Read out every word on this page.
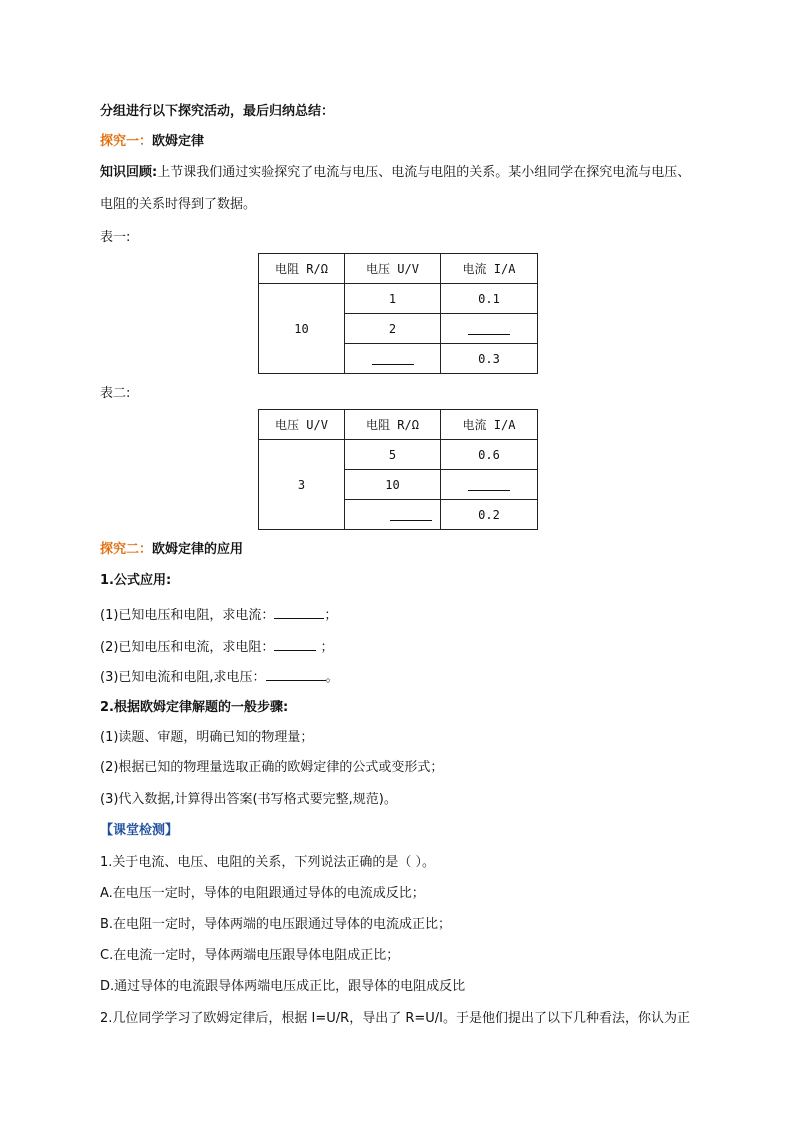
分组进行以下探究活动，最后归纳总结：
探究一：欧姆定律
知识回顾:上节课我们通过实验探究了电流与电压、电流与电阻的关系。某小组同学在探究电流与电压、
电阻的关系时得到了数据。
表一:
电阻 R/Ω	电压 U/V	电流 I/A
10	1	0.1
	2	
		0.3
表二:
电压 U/V	电阻 R/Ω	电流 I/A
3	5	0.6
	10	
		0.2
探究二：欧姆定律的应用
1.公式应用:
(1)已知电压和电阻，求电流：	；
(2)已知电压和电流，求电阻：	；
(3)已知电流和电阻,求电压：	。
2.根据欧姆定律解题的一般步骤:
(1)读题、审题，明确已知的物理量；
(2)根据已知的物理量选取正确的欧姆定律的公式或变形式；
(3)代入数据,计算得出答案(书写格式要完整,规范)。
【课堂检测】
1.关于电流、电压、电阻的关系，下列说法正确的是（ ）。
A.在电压一定时，导体的电阻跟通过导体的电流成反比；
B.在电阻一定时，导体两端的电压跟通过导体的电流成正比；
C.在电流一定时，导体两端电压跟导体电阻成正比；
D.通过导体的电流跟导体两端电压成正比，跟导体的电阻成反比
2.几位同学学习了欧姆定律后，根据 I=U/R，导出了 R=U/I。于是他们提出了以下几种看法，你认为正
